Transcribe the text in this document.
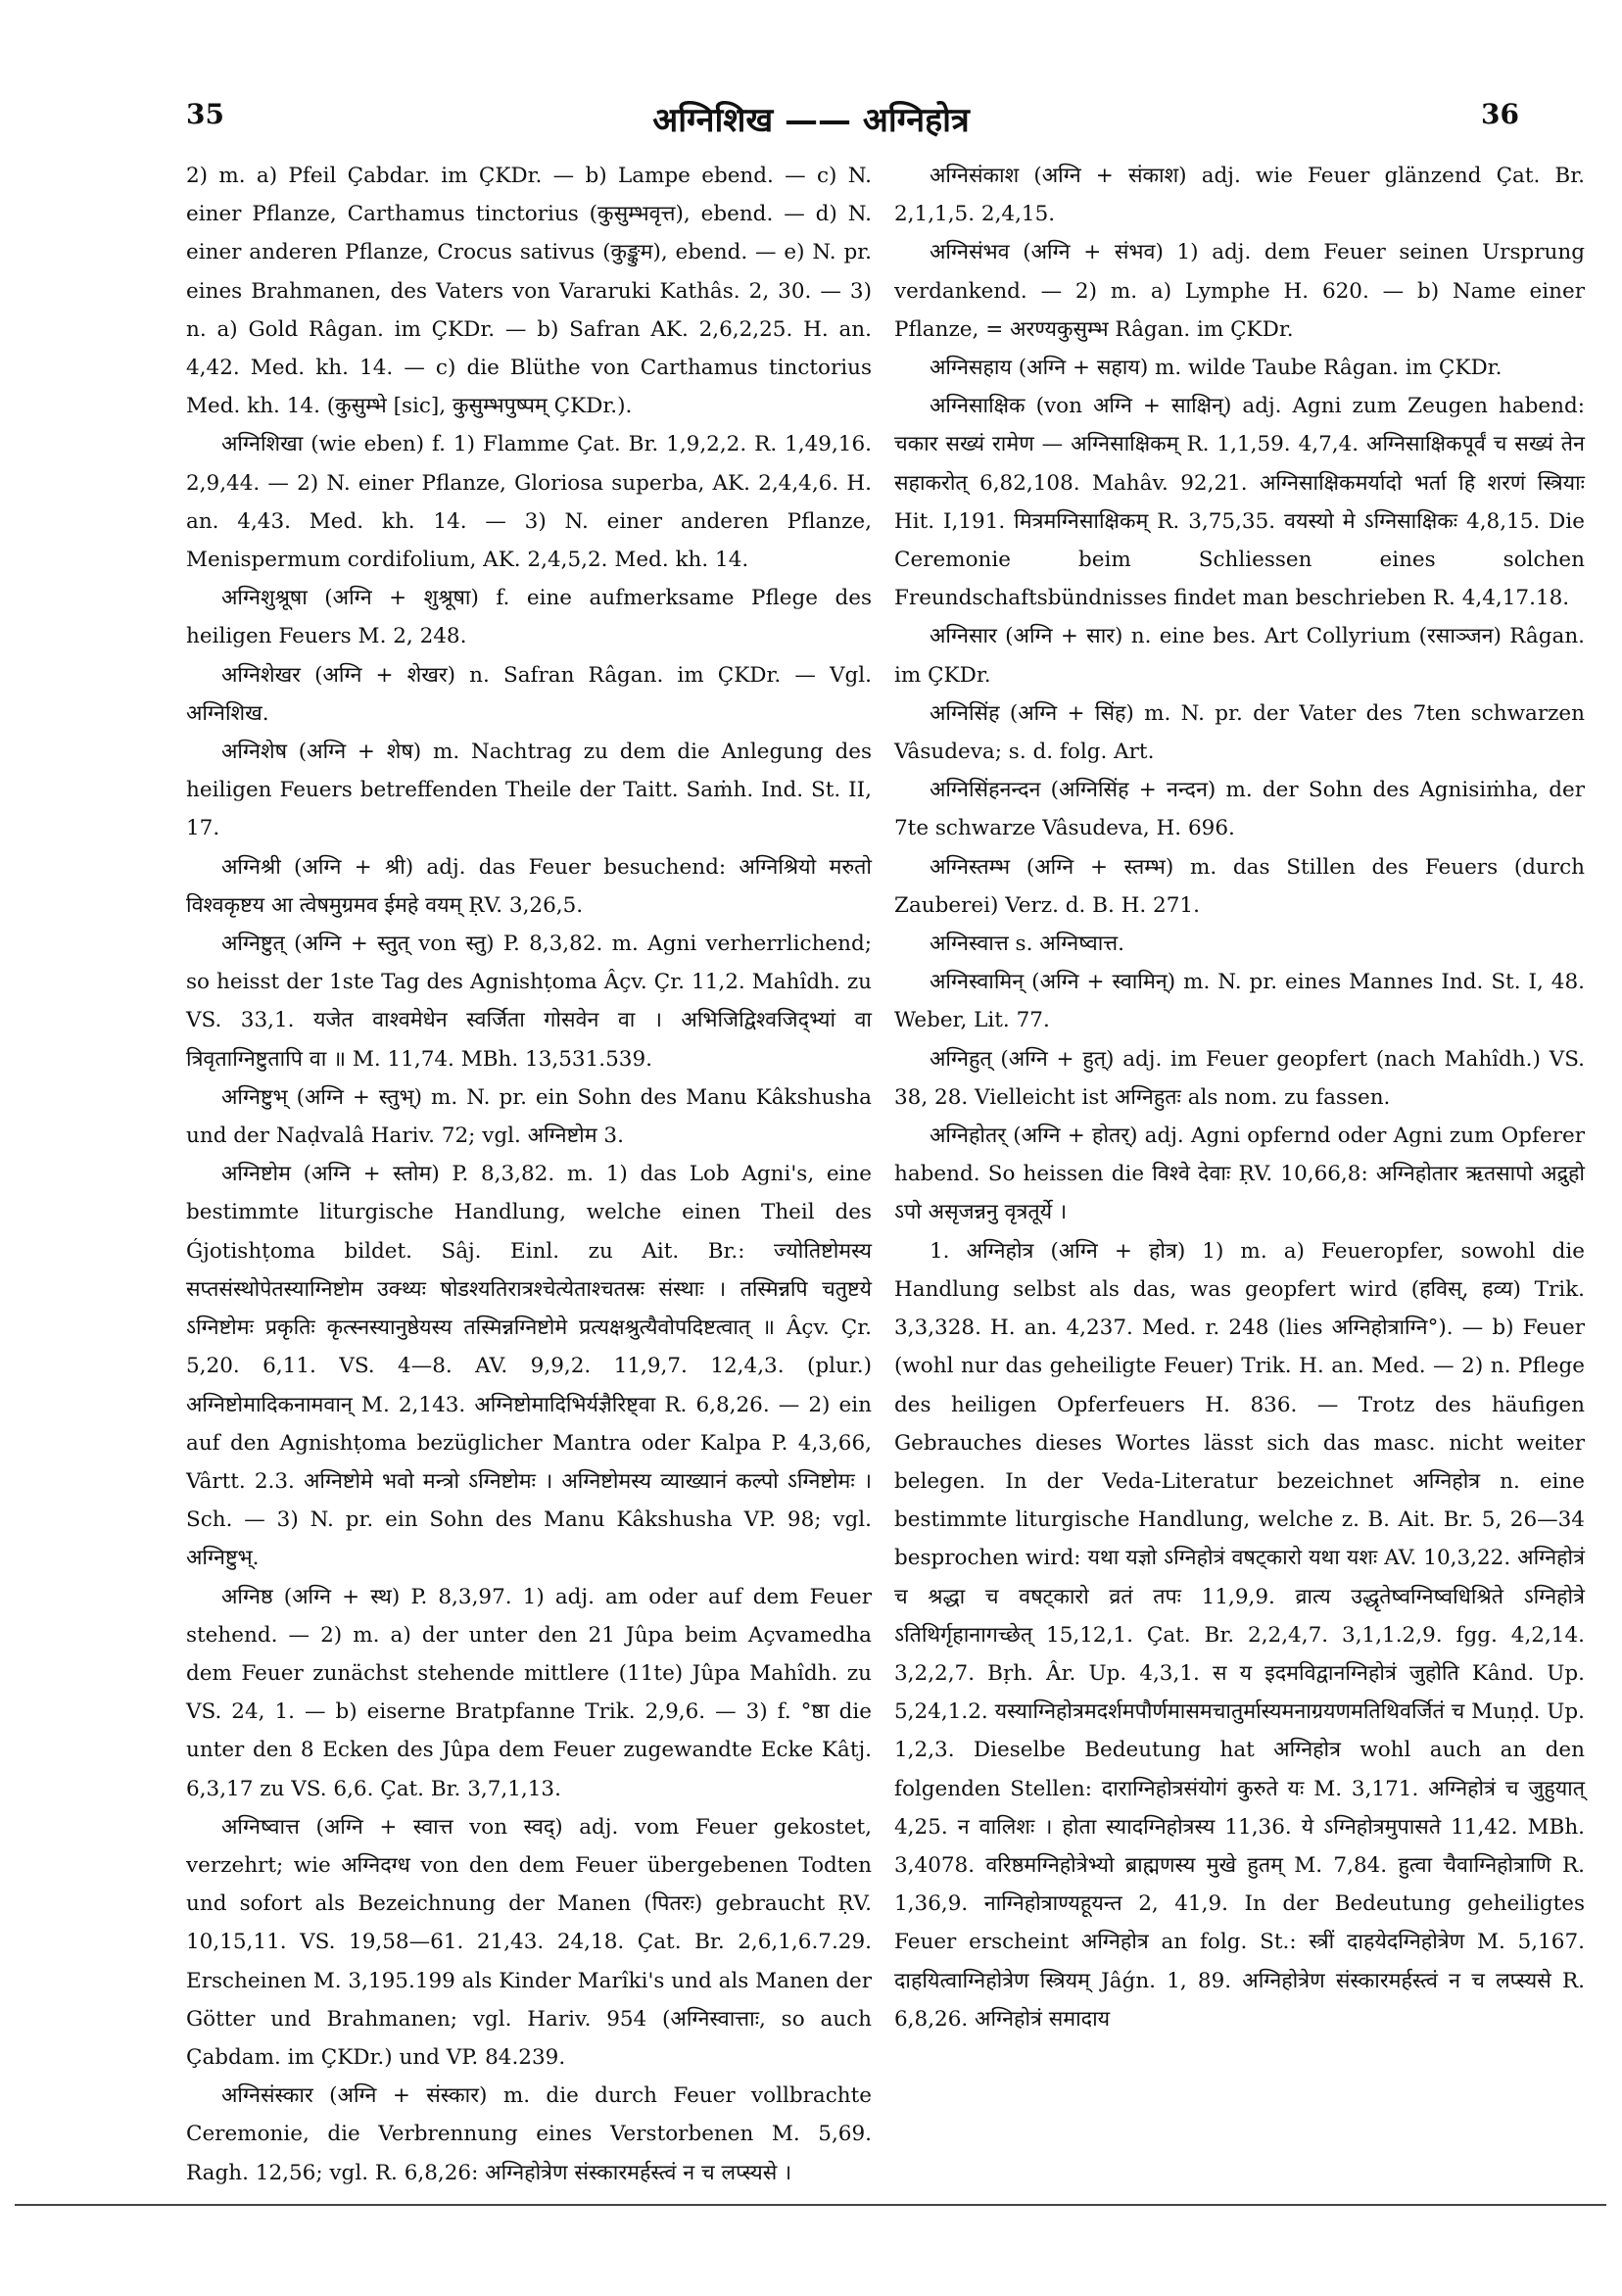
35	अग्निशिख —— अग्निहोत्र	36

2) m. a) Pfeil Çabdar. im ÇKDr. — b) Lampe ebend. — c) N. einer Pflanze, Carthamus tinctorius (कुसुम्भवृत्त), ebend. — d) N. einer anderen Pflanze, Crocus sativus (कुङ्कुम), ebend. — e) N. pr. eines Brahmanen, des Vaters von Vararuki Kathâs. 2, 30. — 3) n. a) Gold Râgan. im ÇKDr. — b) Safran AK. 2,6,2,25. H. an. 4,42. Med. kh. 14. — c) die Blüthe von Carthamus tinctorius Med. kh. 14. (कुसुम्भे [sic], कुसुम्भपुष्पम् ÇKDr.).

अग्निशिखा (wie eben) f. 1) Flamme Çat. Br. 1,9,2,2. R. 1,49,16. 2,9,44. — 2) N. einer Pflanze, Gloriosa superba, AK. 2,4,4,6. H. an. 4,43. Med. kh. 14. — 3) N. einer anderen Pflanze, Menispermum cordifolium, AK. 2,4,5,2. Med. kh. 14.

अग्निशुश्रूषा (अग्नि + शुश्रूषा) f. eine aufmerksame Pflege des heiligen Feuers M. 2, 248.

अग्निशेखर (अग्नि + शेखर) n. Safran Râgan. im ÇKDr. — Vgl. अग्निशिख.

अग्निशेष (अग्नि + शेष) m. Nachtrag zu dem die Anlegung des heiligen Feuers betreffenden Theile der Taitt. Saṁh. Ind. St. II, 17.

अग्निश्री (अग्नि + श्री) adj. das Feuer besuchend: अग्निश्रियो मरुतो विश्वकृष्टय आ त्वेषमुग्रमव ईमहे वयम् ṚV. 3,26,5.

अग्निष्टुत् (अग्नि + स्तुत् von स्तु) P. 8,3,82. m. Agni verherrlichend; so heisst der 1ste Tag des Agnishṭoma Âçv. Çr. 11,2. Mahîdh. zu VS. 33,1. यजेत वाश्वमेधेन स्वर्जिता गोसवेन वा । अभिजिद्विश्वजिद्भ्यां वा त्रिवृताग्निष्टुतापि वा ॥ M. 11,74. MBh. 13,531.539.

अग्निष्टुभ् (अग्नि + स्तुभ्) m. N. pr. ein Sohn des Manu Kâkshusha und der Naḍvalâ Hariv. 72; vgl. अग्निष्टोम 3.

अग्निष्टोम (अग्नि + स्तोम) P. 8,3,82. m. 1) das Lob Agni's, eine bestimmte liturgische Handlung, welche einen Theil des Ǵjotishṭoma bildet. Sâj. Einl. zu Ait. Br.: ज्योतिष्टोमस्य सप्तसंस्थोपेतस्याग्निष्टोम उक्थ्यः षोडश्यतिरात्रश्चेत्येताश्चतस्रः संस्थाः । तस्मिन्नपि चतुष्टये ऽग्निष्टोमः प्रकृतिः कृत्स्नस्यानुष्ठेयस्य तस्मिन्नग्निष्टोमे प्रत्यक्षश्रुत्यैवोपदिष्टत्वात् ॥ Âçv. Çr. 5,20. 6,11. VS. 4—8. AV. 9,9,2. 11,9,7. 12,4,3. (plur.) अग्निष्टोमादिकनामवान् M. 2,143. अग्निष्टोमादिभिर्यज्ञैरिष्ट्वा R. 6,8,26. — 2) ein auf den Agnishṭoma bezüglicher Mantra oder Kalpa P. 4,3,66, Vârtt. 2.3. अग्निष्टोमे भवो मन्त्रो ऽग्निष्टोमः । अग्निष्टोमस्य व्याख्यानं कल्पो ऽग्निष्टोमः । Sch. — 3) N. pr. ein Sohn des Manu Kâkshusha VP. 98; vgl. अग्निष्टुभ्.

अग्निष्ठ (अग्नि + स्थ) P. 8,3,97. 1) adj. am oder auf dem Feuer stehend. — 2) m. a) der unter den 21 Jûpa beim Açvamedha dem Feuer zunächst stehende mittlere (11te) Jûpa Mahîdh. zu VS. 24, 1. — b) eiserne Bratpfanne Trik. 2,9,6. — 3) f. °ष्ठा die unter den 8 Ecken des Jûpa dem Feuer zugewandte Ecke Kâtj. 6,3,17 zu VS. 6,6. Çat. Br. 3,7,1,13.

अग्निष्वात्त (अग्नि + स्वात्त von स्वद्) adj. vom Feuer gekostet, verzehrt; wie अग्निदग्ध von den dem Feuer übergebenen Todten und sofort als Bezeichnung der Manen (पितरः) gebraucht ṚV. 10,15,11. VS. 19,58—61. 21,43. 24,18. Çat. Br. 2,6,1,6.7.29. Erscheinen M. 3,195.199 als Kinder Marîki's und als Manen der Götter und Brahmanen; vgl. Hariv. 954 (अग्निस्वात्ताः, so auch Çabdam. im ÇKDr.) und VP. 84.239.

अग्निसंस्कार (अग्नि + संस्कार) m. die durch Feuer vollbrachte Ceremonie, die Verbrennung eines Verstorbenen M. 5,69. Ragh. 12,56; vgl. R. 6,8,26: अग्निहोत्रेण संस्कारमर्हस्त्वं न च लप्स्यसे ।

अग्निसंकाश (अग्नि + संकाश) adj. wie Feuer glänzend Çat. Br. 2,1,1,5. 2,4,15.

अग्निसंभव (अग्नि + संभव) 1) adj. dem Feuer seinen Ursprung verdankend. — 2) m. a) Lymphe H. 620. — b) Name einer Pflanze, = अरण्यकुसुम्भ Râgan. im ÇKDr.

अग्निसहाय (अग्नि + सहाय) m. wilde Taube Râgan. im ÇKDr.

अग्निसाक्षिक (von अग्नि + साक्षिन्) adj. Agni zum Zeugen habend: चकार सख्यं रामेण — अग्निसाक्षिकम् R. 1,1,59. 4,7,4. अग्निसाक्षिकपूर्वं च सख्यं तेन सहाकरोत् 6,82,108. Mahâv. 92,21. अग्निसाक्षिकमर्यादो भर्ता हि शरणं स्त्रियाः Hit. I,191. मित्रमग्निसाक्षिकम् R. 3,75,35. वयस्यो मे ऽग्निसाक्षिकः 4,8,15. Die Ceremonie beim Schliessen eines solchen Freundschaftsbündnisses findet man beschrieben R. 4,4,17.18.

अग्निसार (अग्नि + सार) n. eine bes. Art Collyrium (रसाञ्जन) Râgan. im ÇKDr.

अग्निसिंह (अग्नि + सिंह) m. N. pr. der Vater des 7ten schwarzen Vâsudeva; s. d. folg. Art.

अग्निसिंहनन्दन (अग्निसिंह + नन्दन) m. der Sohn des Agnisiṁha, der 7te schwarze Vâsudeva, H. 696.

अग्निस्तम्भ (अग्नि + स्तम्भ) m. das Stillen des Feuers (durch Zauberei) Verz. d. B. H. 271.

अग्निस्वात्त s. अग्निष्वात्त.

अग्निस्वामिन् (अग्नि + स्वामिन्) m. N. pr. eines Mannes Ind. St. I, 48. Weber, Lit. 77.

अग्निहुत् (अग्नि + हुत्) adj. im Feuer geopfert (nach Mahîdh.) VS. 38, 28. Vielleicht ist अग्निहुतः als nom. zu fassen.

अग्निहोतर् (अग्नि + होतर्) adj. Agni opfernd oder Agni zum Opferer habend. So heissen die विश्वे देवाः ṚV. 10,66,8: अग्निहोतार ऋतसापो अद्रुहो ऽपो असृजन्ननु वृत्रतूर्ये ।

1. अग्निहोत्र (अग्नि + होत्र) 1) m. a) Feueropfer, sowohl die Handlung selbst als das, was geopfert wird (हविस्, हव्य) Trik. 3,3,328. H. an. 4,237. Med. r. 248 (lies अग्निहोत्राग्नि°). — b) Feuer (wohl nur das geheiligte Feuer) Trik. H. an. Med. — 2) n. Pflege des heiligen Opferfeuers H. 836. — Trotz des häufigen Gebrauches dieses Wortes lässt sich das masc. nicht weiter belegen. In der Veda-Literatur bezeichnet अग्निहोत्र n. eine bestimmte liturgische Handlung, welche z. B. Ait. Br. 5, 26—34 besprochen wird: यथा यज्ञो ऽग्निहोत्रं वषट्कारो यथा यशः AV. 10,3,22. अग्निहोत्रं च श्रद्धा च वषट्कारो व्रतं तपः 11,9,9. व्रात्य उद्धृतेष्वग्निष्वधिश्रिते ऽग्निहोत्रे ऽतिथिर्गृहानागच्छेत् 15,12,1. Çat. Br. 2,2,4,7. 3,1,1.2,9. fgg. 4,2,14. 3,2,2,7. Bṛh. Âr. Up. 4,3,1. स य इदमविद्वानग्निहोत्रं जुहोति Kând. Up. 5,24,1.2. यस्याग्निहोत्रमदर्शमपौर्णमासमचातुर्मास्यमनाग्रयणमतिथिवर्जितं च Muṇḍ. Up. 1,2,3. Dieselbe Bedeutung hat अग्निहोत्र wohl auch an den folgenden Stellen: दाराग्निहोत्रसंयोगं कुरुते यः M. 3,171. अग्निहोत्रं च जुहुयात् 4,25. न वालिशः । होता स्यादग्निहोत्रस्य 11,36. ये ऽग्निहोत्रमुपासते 11,42. MBh. 3,4078. वरिष्ठमग्निहोत्रेभ्यो ब्राह्मणस्य मुखे हुतम् M. 7,84. हुत्वा चैवाग्निहोत्राणि R. 1,36,9. नाग्निहोत्राण्यहूयन्त 2, 41,9. In der Bedeutung geheiligtes Feuer erscheint अग्निहोत्र an folg. St.: स्त्रीं दाहयेदग्निहोत्रेण M. 5,167. दाहयित्वाग्निहोत्रेण स्त्रियम् Jâǵn. 1, 89. अग्निहोत्रेण संस्कारमर्हस्त्वं न च लप्स्यसे R. 6,8,26. अग्निहोत्रं समादाय
